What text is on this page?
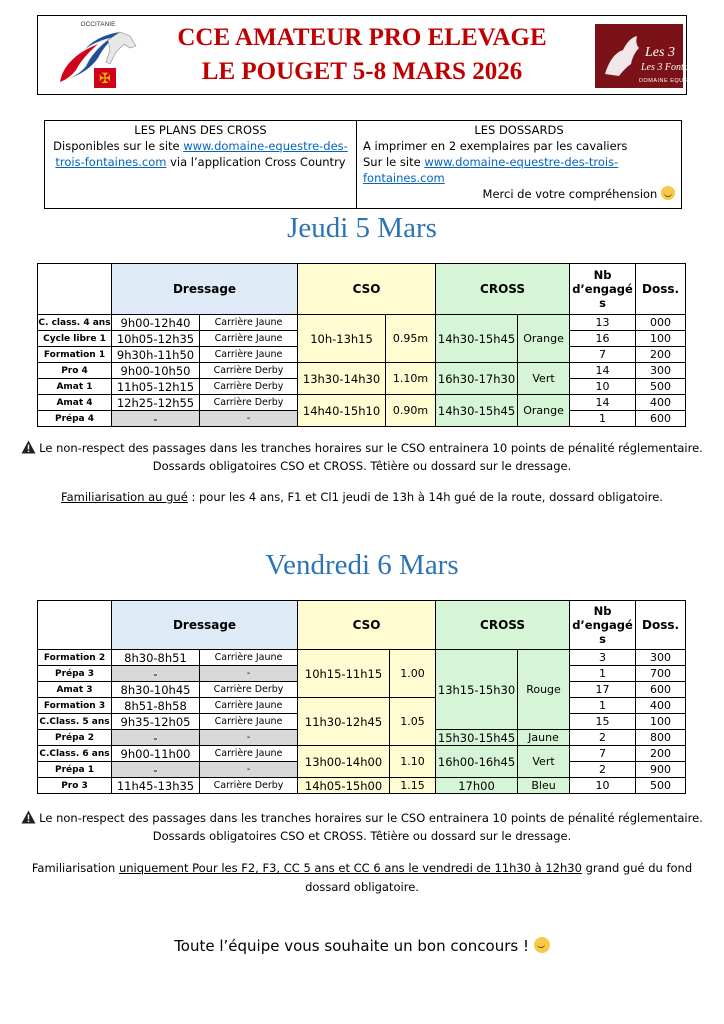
OCCITANIE
✠
CCE AMATEUR PRO ELEVAGE
LE POUGET 5-8 MARS 2026
Les 3
Les 3 Fontaines
DOMAINE EQUESTRE
LES PLANS DES CROSS
Disponibles sur le site www.domaine-equestre-des-trois-fontaines.com via l’application Cross Country
LES DOSSARDS
A imprimer en 2 exemplaires par les cavaliers
Sur le site www.domaine-equestre-des-trois-fontaines.com
Merci de votre compréhension
Jeudi 5 Mars
	Dressage		CSO		CROSS		Nb d’engagé s	Doss.
C. class. 4 ans	9h00-12h40	Carrière Jaune	10h-13h15	0.95m	14h30-15h45	Orange	13	000
Cycle libre 1	10h05-12h35	Carrière Jaune					16	100
Formation 1	9h30h-11h50	Carrière Jaune					7	200
Pro 4	9h00-10h50	Carrière Derby	13h30-14h30	1.10m	16h30-17h30	Vert	14	300
Amat 1	11h05-12h15	Carrière Derby					10	500
Amat 4	12h25-12h55	Carrière Derby	14h40-15h10	0.90m	14h30-15h45	Orange	14	400
Prépa 4	-	-					1	600
Le non-respect des passages dans les tranches horaires sur le CSO entrainera 10 points de pénalité réglementaire.
Dossards obligatoires CSO et CROSS. Têtière ou dossard sur le dressage.
Familiarisation au gué : pour les 4 ans, F1 et Cl1 jeudi de 13h à 14h gué de la route, dossard obligatoire.
Vendredi 6 Mars
	Dressage		CSO		CROSS		Nb d’engagé s	Doss.
Formation 2	8h30-8h51	Carrière Jaune	10h15-11h15	1.00	13h15-15h30	Rouge	3	300
Prépa 3	-	-					1	700
Amat 3	8h30-10h45	Carrière Derby					17	600
Formation 3	8h51-8h58	Carrière Jaune	11h30-12h45	1.05			1	400
C.Class. 5 ans	9h35-12h05	Carrière Jaune					15	100
Prépa 2	-	-			15h30-15h45	Jaune	2	800
C.Class. 6 ans	9h00-11h00	Carrière Jaune	13h00-14h00	1.10	16h00-16h45	Vert	7	200
Prépa 1	-	-					2	900
Pro 3	11h45-13h35	Carrière Derby	14h05-15h00	1.15	17h00	Bleu	10	500
Le non-respect des passages dans les tranches horaires sur le CSO entrainera 10 points de pénalité réglementaire.
Dossards obligatoires CSO et CROSS. Têtière ou dossard sur le dressage.
Familiarisation uniquement Pour les F2, F3, CC 5 ans et CC 6 ans le vendredi de 11h30 à 12h30 grand gué du fond
dossard obligatoire.
Toute l’équipe vous souhaite un bon concours !
